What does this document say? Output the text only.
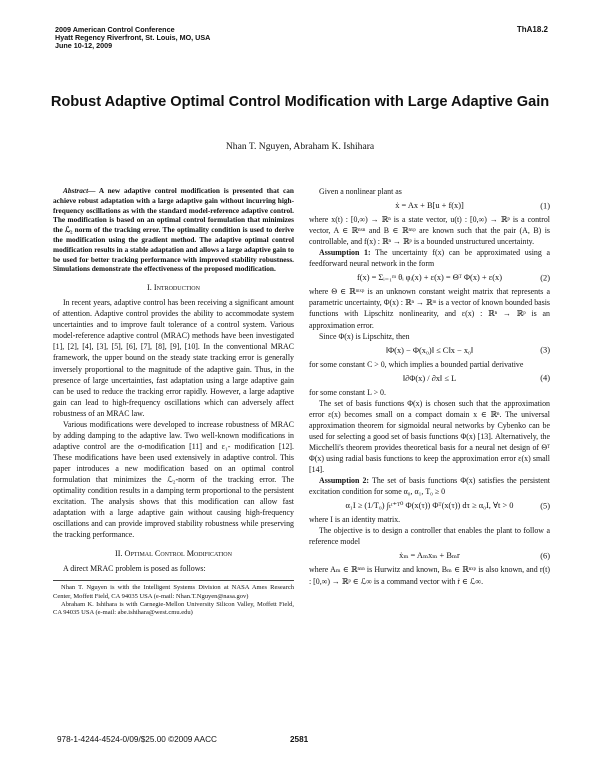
2009 American Control Conference
Hyatt Regency Riverfront, St. Louis, MO, USA
June 10-12, 2009
ThA18.2
Robust Adaptive Optimal Control Modification with Large Adaptive Gain
Nhan T. Nguyen, Abraham K. Ishihara

Abstract— A new adaptive control modification is presented that can achieve robust adaptation with a large adaptive gain without incurring high-frequency oscillations as with the standard model-reference adaptive control. The modification is based on an optimal control formulation that minimizes the ℒ₂ norm of the tracking error. The optimality condition is used to derive the modification using the gradient method. The adaptive optimal control modification results in a stable adaptation and allows a large adaptive gain to be used for better tracking performance with improved stability robustness. Simulations demonstrate the effectiveness of the proposed modification.

I. Introduction

In recent years, adaptive control has been receiving a significant amount of attention. Adaptive control provides the ability to accommodate system uncertainties and to improve fault tolerance of a control system. Various model-reference adaptive control (MRAC) methods have been investigated [1], [2], [4], [3], [5], [6], [7], [8], [9], [10]. In the conventional MRAC framework, the upper bound on the steady state tracking error is generally inversely proportional to the magnitude of the adaptive gain. Thus, in the presence of large uncertainties, fast adaptation using a large adaptive gain can be used to reduce the tracking error rapidly. However, a large adaptive gain can lead to high-frequency oscillations which can adversely affect robustness of an MRAC law.

Various modifications were developed to increase robustness of MRAC by adding damping to the adaptive law. Two well-known modifications in adaptive control are the σ-modification [11] and ε₁- modification [12]. These modifications have been used extensively in adaptive control. This paper introduces a new modification based on an optimal control formulation that minimizes the ℒ₂-norm of the tracking error. The optimality condition results in a damping term proportional to the persistent excitation. The analysis shows that this modification can allow fast adaptation with a large adaptive gain without causing high-frequency oscillations and can provide improved stability robustness while preserving the tracking performance.

II. Optimal Control Modification

A direct MRAC problem is posed as follows:

Nhan T. Nguyen is with the Intelligent Systems Division at NASA Ames Research Center, Moffett Field, CA 94035 USA (e-mail: Nhan.T.Nguyen@nasa.gov)

Abraham K. Ishihara is with Carnegie-Mellon University Silicon Valley, Moffett Field, CA 94035 USA (e-mail: abe.ishihara@west.cmu.edu)

Given a nonlinear plant as

ẋ = Ax + B[u + f(x)]	(1)

where x(t) : [0,∞) → ℝⁿ is a state vector, u(t) : [0,∞) → ℝᵖ is a control vector, A ∈ ℝⁿˣⁿ and B ∈ ℝⁿˣᵖ are known such that the pair (A, B) is controllable, and f(x) : ℝⁿ → ℝᵖ is a bounded unstructured uncertainty.

Assumption 1: The uncertainty f(x) can be approximated using a feedforward neural network in the form

f(x) = Σᵢ₌₁ᵐ θᵢ φᵢ(x) + ε(x) = Θᵀ Φ(x) + ε(x)	(2)

where Θ ∈ ℝᵐˣᵖ is an unknown constant weight matrix that represents a parametric uncertainty, Φ(x) : ℝⁿ → ℝᵐ is a vector of known bounded basis functions with Lipschitz nonlinearity, and ε(x) : ℝⁿ → ℝᵖ is an approximation error.

Since Φ(x) is Lipschitz, then

‖Φ(x) − Φ(x₀)‖ ≤ C‖x − x₀‖	(3)

for some constant C > 0, which implies a bounded partial derivative

‖∂Φ(x) / ∂x‖ ≤ L	(4)

for some constant L > 0.

The set of basis functions Φ(x) is chosen such that the approximation error ε(x) becomes small on a compact domain x ∈ ℝⁿ. The universal approximation theorem for sigmoidal neural networks by Cybenko can be used for selecting a good set of basis functions Φ(x) [13]. Alternatively, the Micchelli's theorem provides theoretical basis for a neural net design of Θᵀ Φ(x) using radial basis functions to keep the approximation error ε(x) small [14].

Assumption 2: The set of basis functions Φ(x) satisfies the persistent excitation condition for some α₀, α₁, T₀ ≥ 0

α₁I ≥ (1/T₀) ∫ₜᵗ⁺ᵀ⁰ Φ(x(τ)) Φᵀ(x(τ)) dτ ≥ α₀I, ∀t > 0	(5)

where I is an identity matrix.

The objective is to design a controller that enables the plant to follow a reference model

ẋₘ = Aₘxₘ + Bₘr	(6)

where Aₘ ∈ ℝⁿˣⁿ is Hurwitz and known, Bₘ ∈ ℝⁿˣᵖ is also known, and r(t) : [0,∞) → ℝᵖ ∈ ℒ∞ is a command vector with ṙ ∈ ℒ∞.

978-1-4244-4524-0/09/$25.00 ©2009 AACC	2581
